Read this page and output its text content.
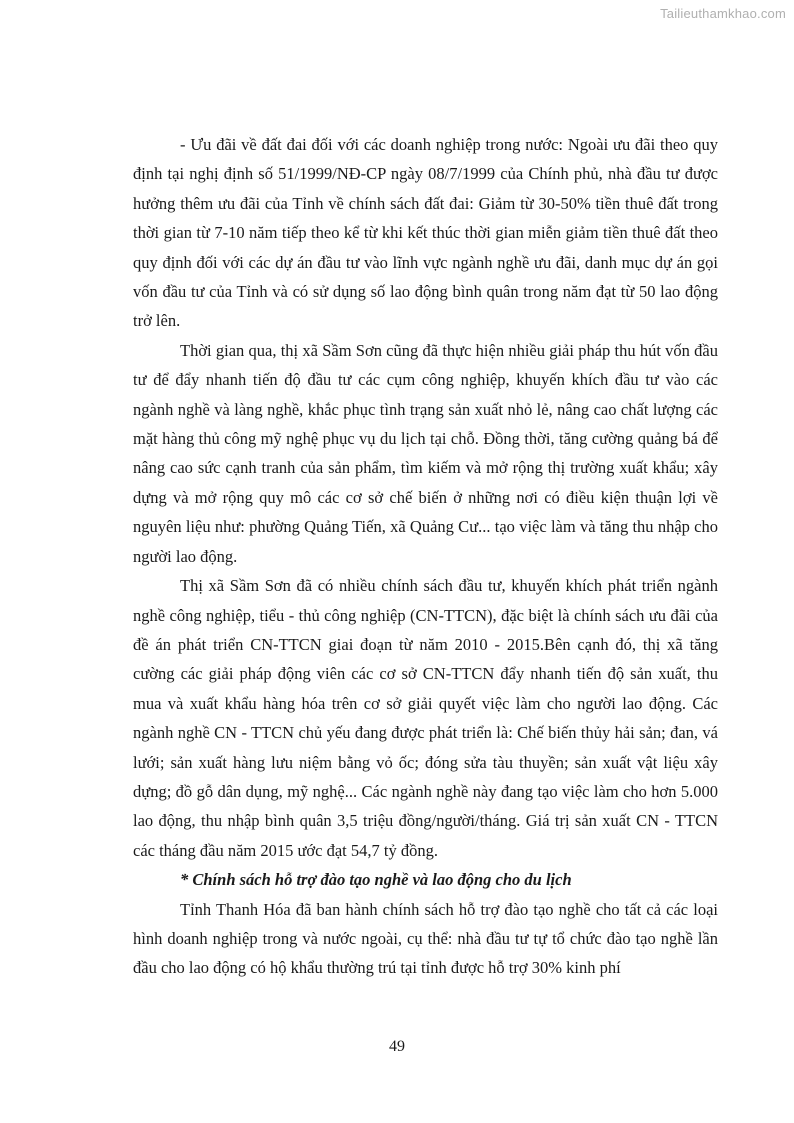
Tailieuthamkhao.com

- Ưu đãi về đất đai đối với các doanh nghiệp trong nước: Ngoài ưu đãi theo quy định tại nghị định số 51/1999/NĐ-CP ngày 08/7/1999 của Chính phủ, nhà đầu tư được hưởng thêm ưu đãi của Tỉnh về chính sách đất đai: Giảm từ 30-50% tiền thuê đất trong thời gian từ 7-10 năm tiếp theo kể từ khi kết thúc thời gian miễn giảm tiền thuê đất theo quy định đối với các dự án đầu tư vào lĩnh vực ngành nghề ưu đãi, danh mục dự án gọi vốn đầu tư của Tỉnh và có sử dụng số lao động bình quân trong năm đạt từ 50 lao động trở lên.

Thời gian qua, thị xã Sầm Sơn cũng đã thực hiện nhiều giải pháp thu hút vốn đầu tư để đẩy nhanh tiến độ đầu tư các cụm công nghiệp, khuyến khích đầu tư vào các ngành nghề và làng nghề, khắc phục tình trạng sản xuất nhỏ lẻ, nâng cao chất lượng các mặt hàng thủ công mỹ nghệ phục vụ du lịch tại chỗ. Đồng thời, tăng cường quảng bá để nâng cao sức cạnh tranh của sản phẩm, tìm kiếm và mở rộng thị trường xuất khẩu; xây dựng và mở rộng quy mô các cơ sở chế biến ở những nơi có điều kiện thuận lợi về nguyên liệu như: phường Quảng Tiến, xã Quảng Cư... tạo việc làm và tăng thu nhập cho người lao động.

Thị xã Sầm Sơn đã có nhiều chính sách đầu tư, khuyến khích phát triển ngành nghề công nghiệp, tiểu - thủ công nghiệp (CN-TTCN), đặc biệt là chính sách ưu đãi của đề án phát triển CN-TTCN giai đoạn từ năm 2010 - 2015.Bên cạnh đó, thị xã tăng cường các giải pháp động viên các cơ sở CN-TTCN đẩy nhanh tiến độ sản xuất, thu mua và xuất khẩu hàng hóa trên cơ sở giải quyết việc làm cho người lao động. Các ngành nghề CN - TTCN chủ yếu đang được phát triển là: Chế biến thủy hải sản; đan, vá lưới; sản xuất hàng lưu niệm bằng vỏ ốc; đóng sửa tàu thuyền; sản xuất vật liệu xây dựng; đồ gỗ dân dụng, mỹ nghệ... Các ngành nghề này đang tạo việc làm cho hơn 5.000 lao động, thu nhập bình quân 3,5 triệu đồng/người/tháng. Giá trị sản xuất CN - TTCN các tháng đầu năm 2015 ước đạt 54,7 tỷ đồng.

* Chính sách hỗ trợ đào tạo nghề và lao động cho du lịch

Tỉnh Thanh Hóa đã ban hành chính sách hỗ trợ đào tạo nghề cho tất cả các loại hình doanh nghiệp trong và nước ngoài, cụ thể: nhà đầu tư tự tổ chức đào tạo nghề lần đầu cho lao động có hộ khẩu thường trú tại tỉnh được hỗ trợ 30% kinh phí

49
